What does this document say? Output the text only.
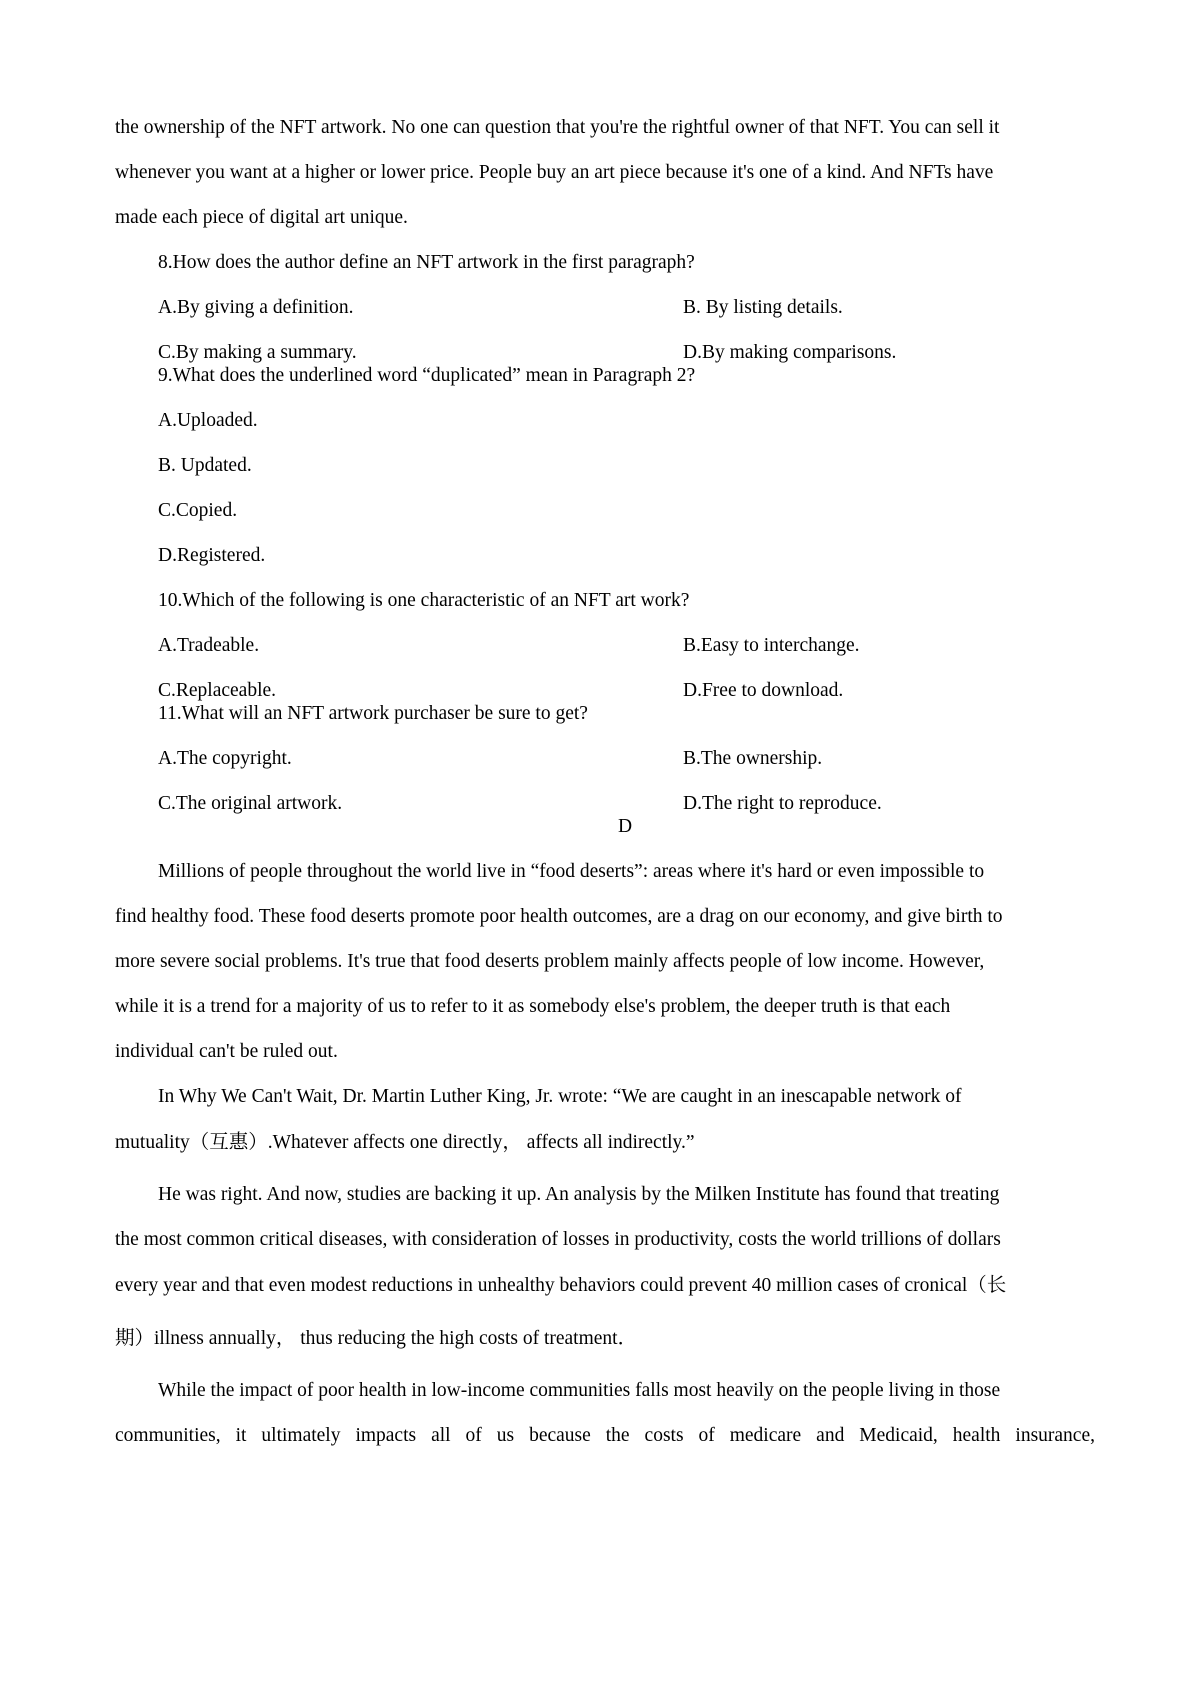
the ownership of the NFT artwork. No one can question that you're the rightful owner of that NFT. You can sell it
whenever you want at a higher or lower price. People buy an art piece because it's one of a kind. And NFTs have
made each piece of digital art unique.
8.How does the author define an NFT artwork in the first paragraph?
A.By giving a definition.	B. By listing details.
C.By making a summary.	D.By making comparisons.
9.What does the underlined word “duplicated” mean in Paragraph 2?
A.Uploaded.
B. Updated.
C.Copied.
D.Registered.
10.Which of the following is one characteristic of an NFT art work?
A.Tradeable.	B.Easy to interchange.
C.Replaceable.	D.Free to download.
11.What will an NFT artwork purchaser be sure to get?
A.The copyright.	B.The ownership.
C.The original artwork.	D.The right to reproduce.
D
Millions of people throughout the world live in “food deserts”: areas where it's hard or even impossible to
find healthy food. These food deserts promote poor health outcomes, are a drag on our economy, and give birth to
more severe social problems. It's true that food deserts problem mainly affects people of low income. However,
while it is a trend for a majority of us to refer to it as somebody else's problem, the deeper truth is that each
individual can't be ruled out.
In Why We Can't Wait, Dr. Martin Luther King, Jr. wrote: “We are caught in an inescapable network of
mutuality（互惠）.Whatever affects one directly， affects all indirectly.”
He was right. And now, studies are backing it up. An analysis by the Milken Institute has found that treating
the most common critical diseases, with consideration of losses in productivity, costs the world trillions of dollars
every year and that even modest reductions in unhealthy behaviors could prevent 40 million cases of cronical（长
期）illness annually， thus reducing the high costs of treatment．
While the impact of poor health in low-income communities falls most heavily on the people living in those
communities, it ultimately impacts all of us because the costs of medicare and Medicaid, health insurance,
